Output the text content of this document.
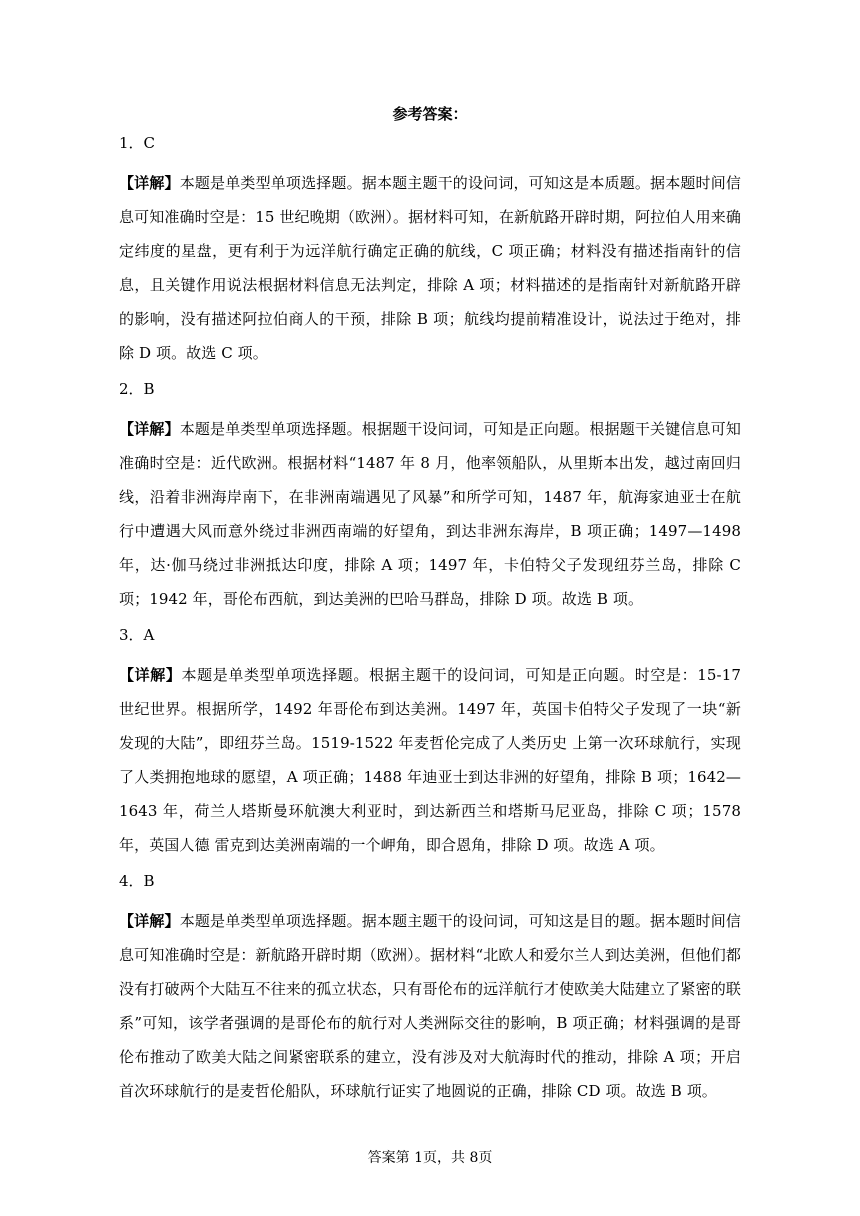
参考答案：
1．C
【详解】本题是单类型单项选择题。据本题主题干的设问词，可知这是本质题。据本题时间信息可知准确时空是：15 世纪晚期（欧洲）。据材料可知，在新航路开辟时期，阿拉伯人用来确定纬度的星盘，更有利于为远洋航行确定正确的航线，C 项正确；材料没有描述指南针的信息，且关键作用说法根据材料信息无法判定，排除 A 项；材料描述的是指南针对新航路开辟的影响，没有描述阿拉伯商人的干预，排除 B 项；航线均提前精准设计，说法过于绝对，排除 D 项。故选 C 项。
2．B
【详解】本题是单类型单项选择题。根据题干设问词，可知是正向题。根据题干关键信息可知准确时空是：近代欧洲。根据材料“1487 年 8 月，他率领船队，从里斯本出发，越过南回归线，沿着非洲海岸南下，在非洲南端遇见了风暴”和所学可知，1487 年，航海家迪亚士在航行中遭遇大风而意外绕过非洲西南端的好望角，到达非洲东海岸，B 项正确；1497—1498 年，达·伽马绕过非洲抵达印度，排除 A 项；1497 年，卡伯特父子发现纽芬兰岛，排除 C 项；1942 年，哥伦布西航，到达美洲的巴哈马群岛，排除 D 项。故选 B 项。
3．A
【详解】本题是单类型单项选择题。根据主题干的设问词，可知是正向题。时空是：15-17 世纪世界。根据所学，1492 年哥伦布到达美洲。1497 年，英国卡伯特父子发现了一块“新发现的大陆”，即纽芬兰岛。1519-1522 年麦哲伦完成了人类历史 上第一次环球航行，实现了人类拥抱地球的愿望，A 项正确；1488 年迪亚士到达非洲的好望角，排除 B 项；1642—1643 年，荷兰人塔斯曼环航澳大利亚时，到达新西兰和塔斯马尼亚岛，排除 C 项；1578 年，英国人德 雷克到达美洲南端的一个岬角，即合恩角，排除 D 项。故选 A 项。
4．B
【详解】本题是单类型单项选择题。据本题主题干的设问词，可知这是目的题。据本题时间信息可知准确时空是：新航路开辟时期（欧洲）。据材料“北欧人和爱尔兰人到达美洲，但他们都没有打破两个大陆互不往来的孤立状态，只有哥伦布的远洋航行才使欧美大陆建立了紧密的联系”可知，该学者强调的是哥伦布的航行对人类洲际交往的影响，B 项正确；材料强调的是哥伦布推动了欧美大陆之间紧密联系的建立，没有涉及对大航海时代的推动，排除 A 项；开启首次环球航行的是麦哲伦船队，环球航行证实了地圆说的正确，排除 CD 项。故选 B 项。
答案第 1页，共 8页
